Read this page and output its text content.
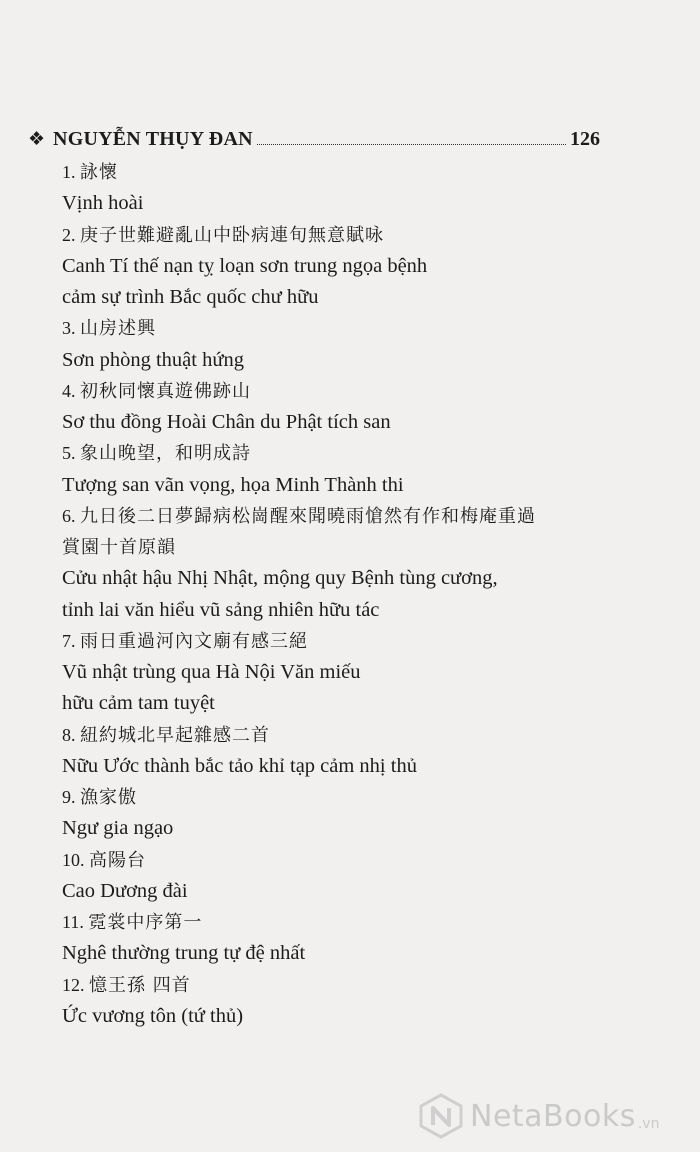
❖ NGUYỄN THỤY ĐAN	126
1. 詠懷
Vịnh hoài
2. 庚子世難避亂山中卧病連旬無意賦咏
Canh Tí thế nạn tỵ loạn sơn trung ngọa bệnh
cảm sự trình Bắc quốc chư hữu
3. 山房述興
Sơn phòng thuật hứng
4. 初秋同懷真遊佛跡山
Sơ thu đồng Hoài Chân du Phật tích san
5. 象山晚望，和明成詩
Tượng san vãn vọng, họa Minh Thành thi
6. 九日後二日夢歸病松崗醒來聞曉雨愴然有作和梅庵重過
賞園十首原韻
Cửu nhật hậu Nhị Nhật, mộng quy Bệnh tùng cương,
tỉnh lai văn hiểu vũ sảng nhiên hữu tác
7. 雨日重過河內文廟有感三絕
Vũ nhật trùng qua Hà Nội Văn miếu
hữu cảm tam tuyệt
8. 紐約城北早起雜感二首
Nữu Ước thành bắc tảo khỉ tạp cảm nhị thủ
9. 漁家傲
Ngư gia ngạo
10. 高陽台
Cao Dương đài
11. 霓裳中序第一
Nghê thường trung tự đệ nhất
12. 憶王孫 四首
Ức vương tôn (tứ thủ)
NetaBooks .vn
